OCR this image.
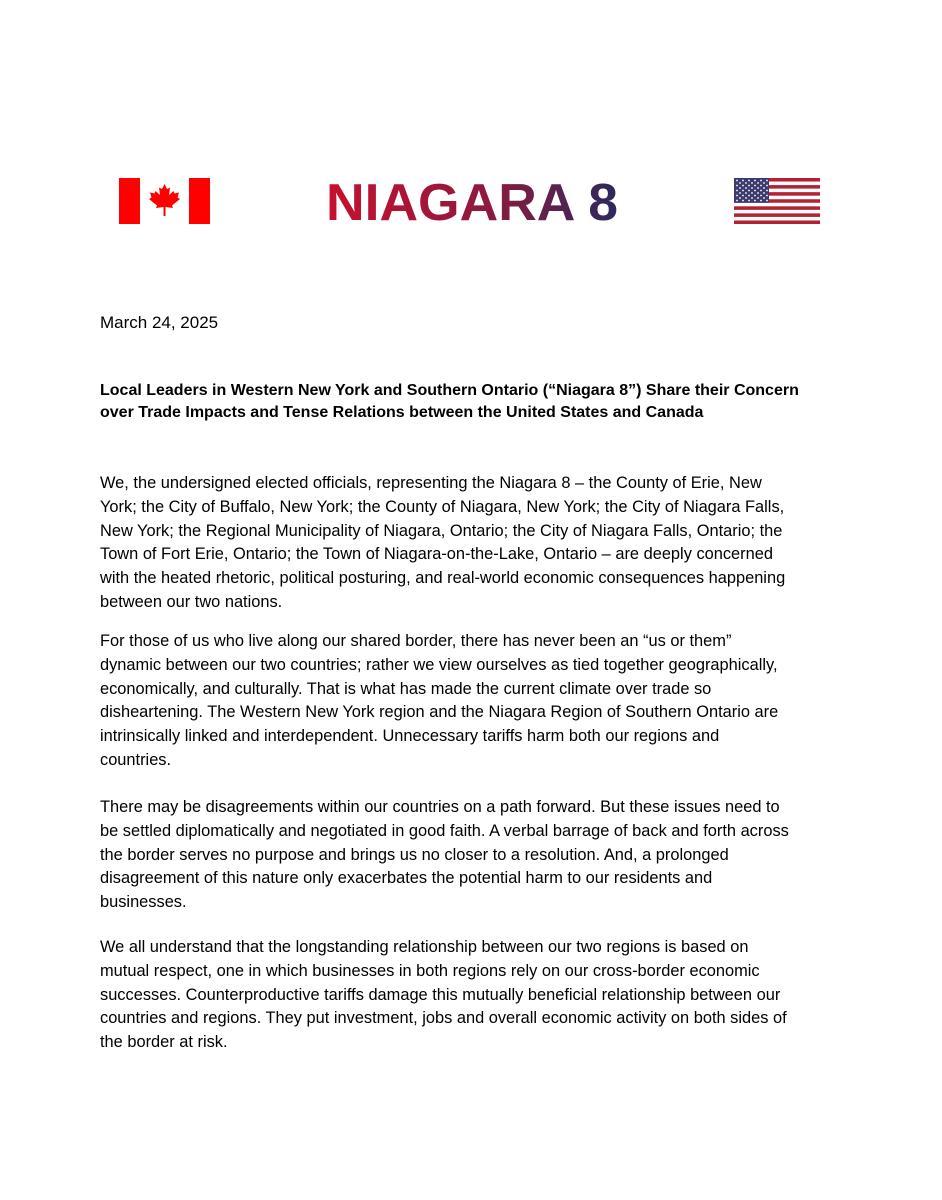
NIAGARA 8
March 24, 2025
Local Leaders in Western New York and Southern Ontario (“Niagara 8”) Share their Concern
over Trade Impacts and Tense Relations between the United States and Canada
We, the undersigned elected officials, representing the Niagara 8 – the County of Erie, New
York; the City of Buffalo, New York; the County of Niagara, New York; the City of Niagara Falls,
New York; the Regional Municipality of Niagara, Ontario; the City of Niagara Falls, Ontario; the
Town of Fort Erie, Ontario; the Town of Niagara-on-the-Lake, Ontario – are deeply concerned
with the heated rhetoric, political posturing, and real-world economic consequences happening
between our two nations.
For those of us who live along our shared border, there has never been an “us or them”
dynamic between our two countries; rather we view ourselves as tied together geographically,
economically, and culturally. That is what has made the current climate over trade so
disheartening. The Western New York region and the Niagara Region of Southern Ontario are
intrinsically linked and interdependent. Unnecessary tariffs harm both our regions and
countries.
There may be disagreements within our countries on a path forward. But these issues need to
be settled diplomatically and negotiated in good faith. A verbal barrage of back and forth across
the border serves no purpose and brings us no closer to a resolution. And, a prolonged
disagreement of this nature only exacerbates the potential harm to our residents and
businesses.
We all understand that the longstanding relationship between our two regions is based on
mutual respect, one in which businesses in both regions rely on our cross-border economic
successes. Counterproductive tariffs damage this mutually beneficial relationship between our
countries and regions. They put investment, jobs and overall economic activity on both sides of
the border at risk.
